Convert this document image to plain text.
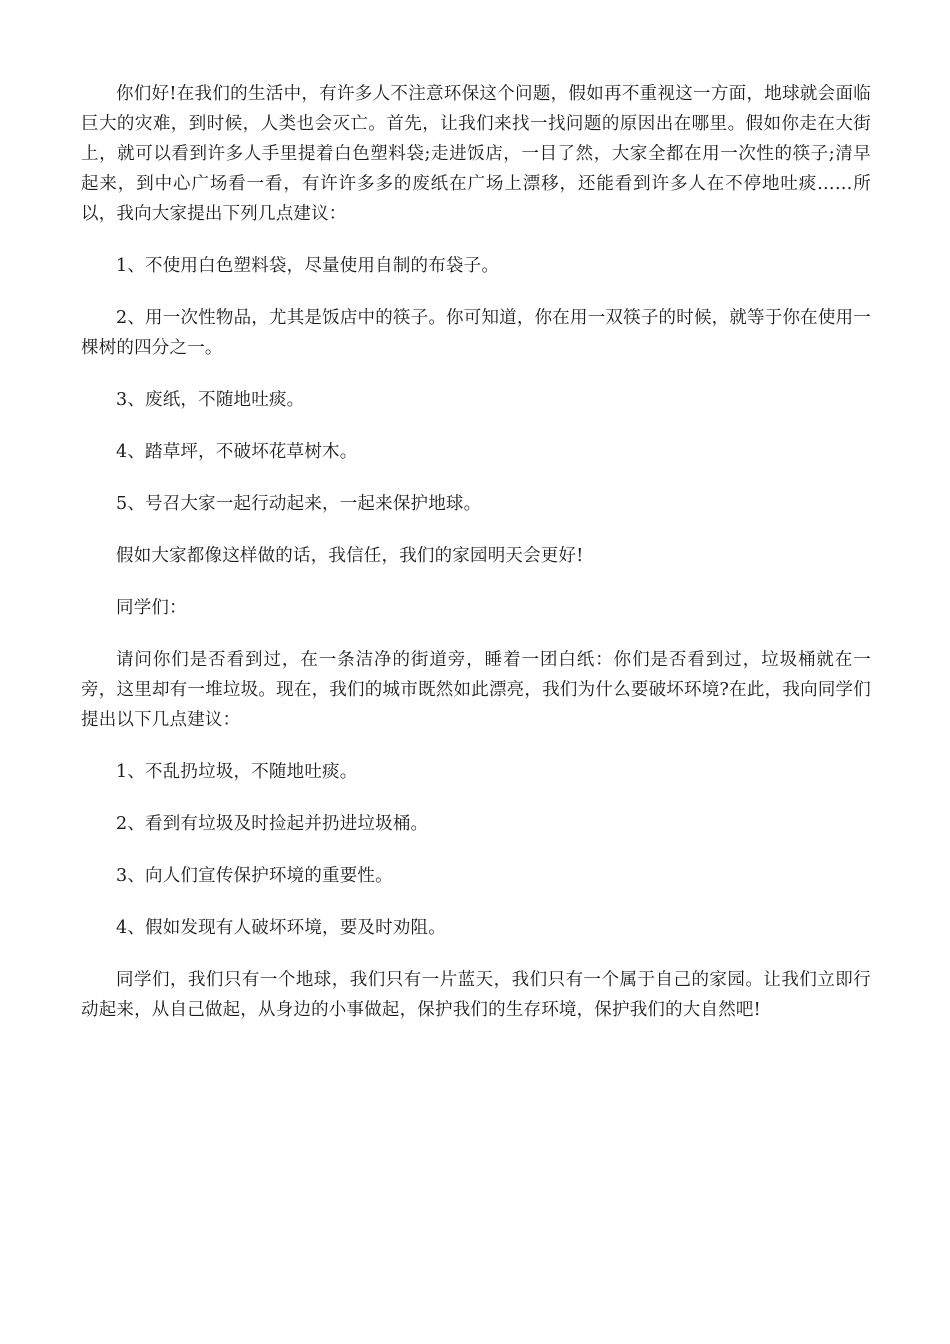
你们好!在我们的生活中，有许多人不注意环保这个问题，假如再不重视这一方面，地球就会面临巨大的灾难，到时候，人类也会灭亡。首先，让我们来找一找问题的原因出在哪里。假如你走在大街上，就可以看到许多人手里提着白色塑料袋;走进饭店，一目了然，大家全都在用一次性的筷子;清早起来，到中心广场看一看，有许许多多的废纸在广场上漂移，还能看到许多人在不停地吐痰……所以，我向大家提出下列几点建议：

1、不使用白色塑料袋，尽量使用自制的布袋子。

2、用一次性物品，尤其是饭店中的筷子。你可知道，你在用一双筷子的时候，就等于你在使用一棵树的四分之一。

3、废纸，不随地吐痰。

4、踏草坪，不破坏花草树木。

5、号召大家一起行动起来，一起来保护地球。

假如大家都像这样做的话，我信任，我们的家园明天会更好!

同学们：

请问你们是否看到过，在一条洁净的街道旁，睡着一团白纸：你们是否看到过，垃圾桶就在一旁，这里却有一堆垃圾。现在，我们的城市既然如此漂亮，我们为什么要破坏环境?在此，我向同学们提出以下几点建议：

1、不乱扔垃圾，不随地吐痰。

2、看到有垃圾及时捡起并扔进垃圾桶。

3、向人们宣传保护环境的重要性。

4、假如发现有人破坏环境，要及时劝阻。

同学们，我们只有一个地球，我们只有一片蓝天，我们只有一个属于自己的家园。让我们立即行动起来，从自己做起，从身边的小事做起，保护我们的生存环境，保护我们的大自然吧!
